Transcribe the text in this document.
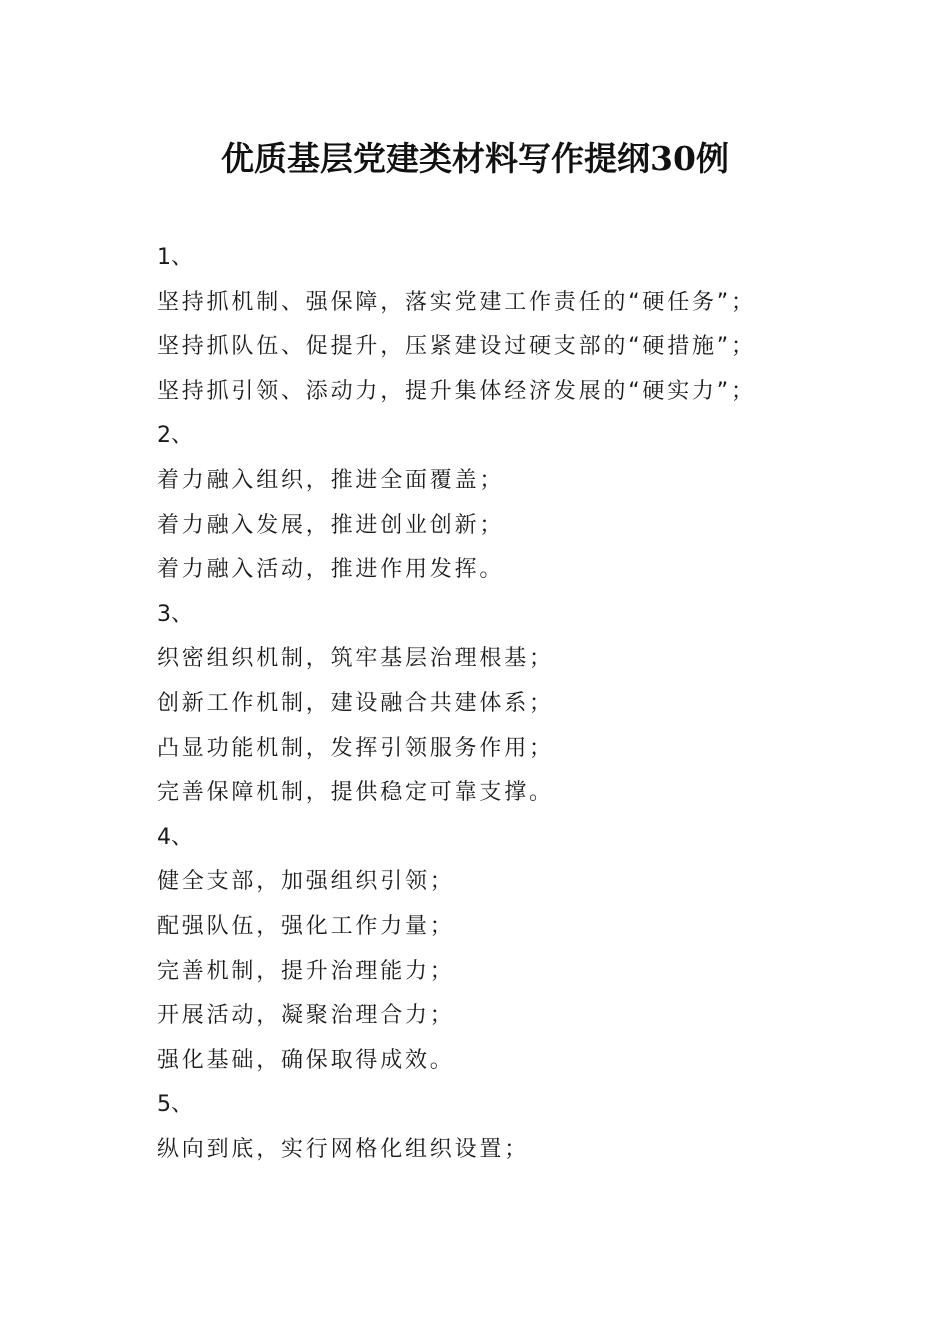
优质基层党建类材料写作提纲30例
1、
坚持抓机制、强保障，落实党建工作责任的“硬任务”；
坚持抓队伍、促提升，压紧建设过硬支部的“硬措施”；
坚持抓引领、添动力，提升集体经济发展的“硬实力”；
2、
着力融入组织，推进全面覆盖；
着力融入发展，推进创业创新；
着力融入活动，推进作用发挥。
3、
织密组织机制，筑牢基层治理根基；
创新工作机制，建设融合共建体系；
凸显功能机制，发挥引领服务作用；
完善保障机制，提供稳定可靠支撑。
4、
健全支部，加强组织引领；
配强队伍，强化工作力量；
完善机制，提升治理能力；
开展活动，凝聚治理合力；
强化基础，确保取得成效。
5、
纵向到底，实行网格化组织设置；
